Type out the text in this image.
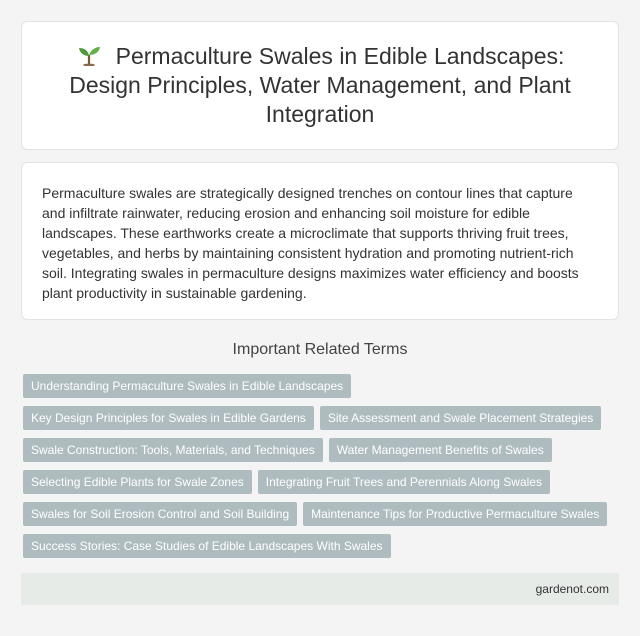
Permaculture Swales in Edible Landscapes: Design Principles, Water Management, and Plant Integration

Permaculture swales are strategically designed trenches on contour lines that capture and infiltrate rainwater, reducing erosion and enhancing soil moisture for edible landscapes. These earthworks create a microclimate that supports thriving fruit trees, vegetables, and herbs by maintaining consistent hydration and promoting nutrient-rich soil. Integrating swales in permaculture designs maximizes water efficiency and boosts plant productivity in sustainable gardening.

Important Related Terms
Understanding Permaculture Swales in Edible Landscapes
Key Design Principles for Swales in Edible Gardens	Site Assessment and Swale Placement Strategies
Swale Construction: Tools, Materials, and Techniques	Water Management Benefits of Swales
Selecting Edible Plants for Swale Zones	Integrating Fruit Trees and Perennials Along Swales
Swales for Soil Erosion Control and Soil Building	Maintenance Tips for Productive Permaculture Swales
Success Stories: Case Studies of Edible Landscapes With Swales
gardenot.com
